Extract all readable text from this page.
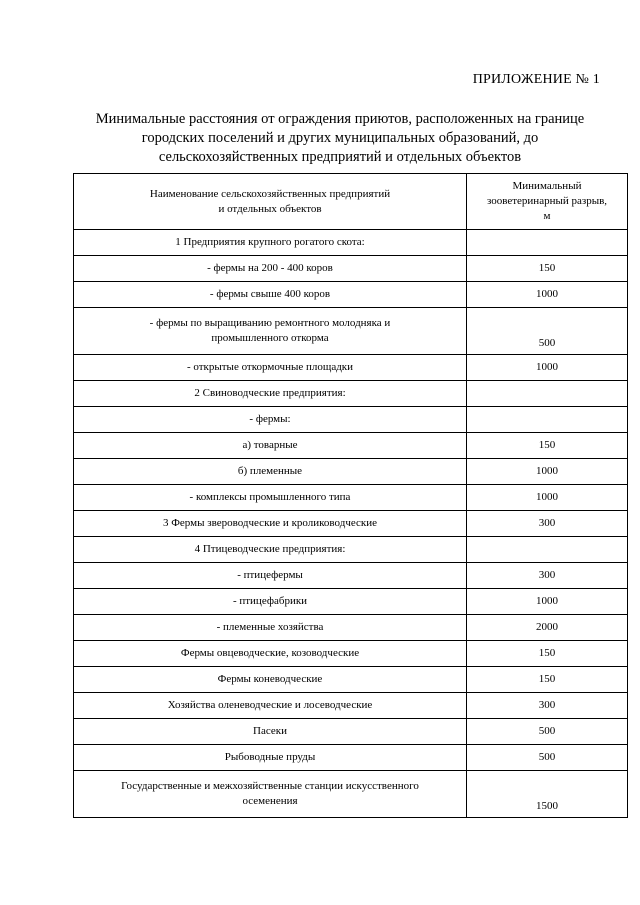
ПРИЛОЖЕНИЕ № 1
Минимальные расстояния от ограждения приютов, расположенных на границе
городских поселений и других муниципальных образований, до
сельскохозяйственных предприятий и отдельных объектов
Наименование сельскохозяйственных предприятий
и отдельных объектов	Минимальный
зооветеринарный разрыв,
м

1 Предприятия крупного рогатого скота:	
- фермы на 200 - 400 коров	150
- фермы свыше 400 коров	1000

- фермы по выращиванию ремонтного молодняка и
промышленного откорма	500
- открытые откормочные площадки	1000
2 Свиноводческие предприятия:	
- фермы:	
а) товарные	150
б) племенные	1000
- комплексы промышленного типа	1000
3 Фермы звероводческие и кролиководческие	300
4 Птицеводческие предприятия:	
- птицефермы	300
- птицефабрики	1000
- племенные хозяйства	2000
Фермы овцеводческие, козоводческие	150
Фермы коневодческие	150
Хозяйства оленеводческие и лосеводческие	300
Пасеки	500
Рыбоводные пруды	500

Государственные и межхозяйственные станции искусственного
осеменения	1500
